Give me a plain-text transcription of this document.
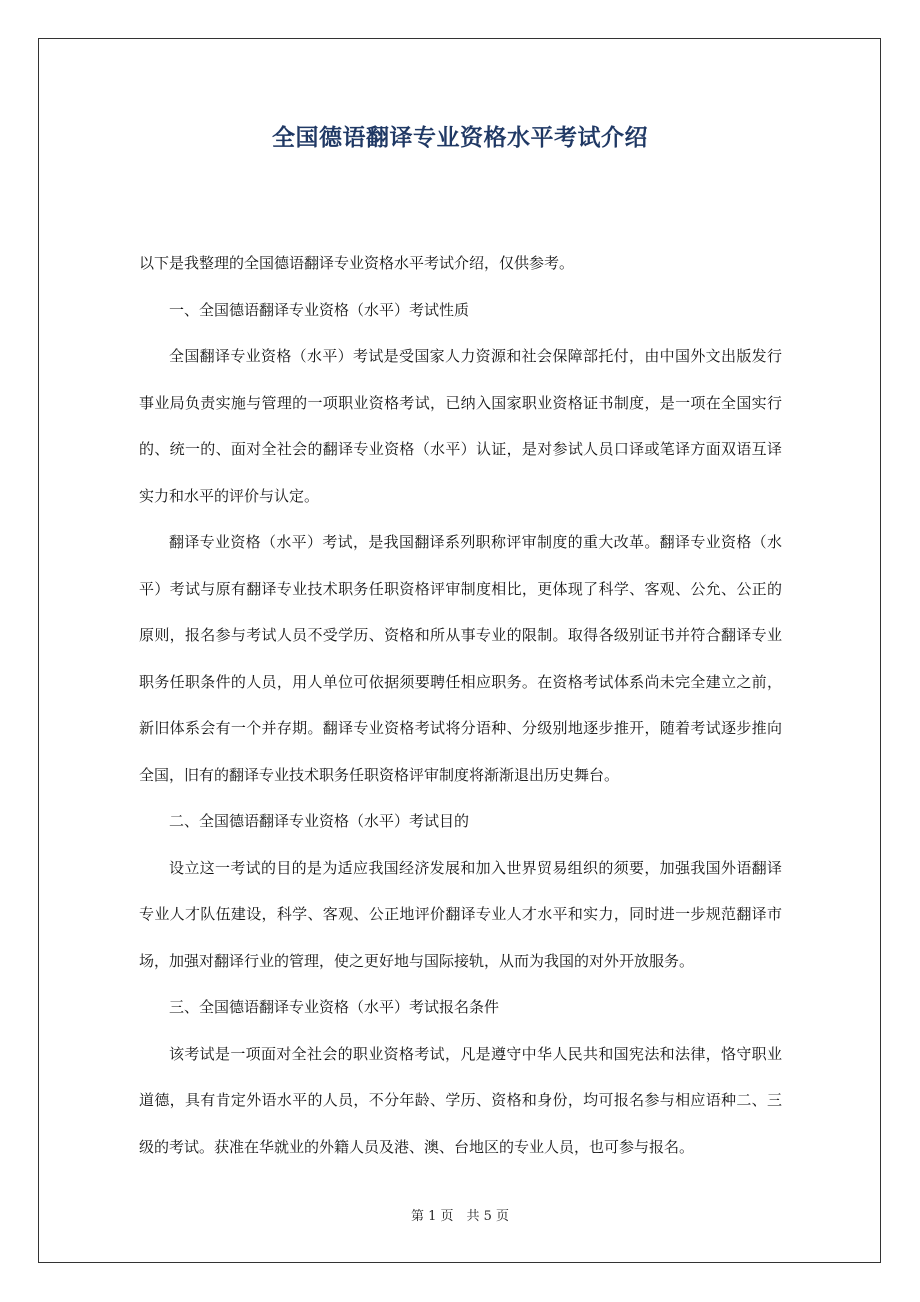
全国德语翻译专业资格水平考试介绍

以下是我整理的全国德语翻译专业资格水平考试介绍，仅供参考。

一、全国德语翻译专业资格（水平）考试性质

全国翻译专业资格（水平）考试是受国家人力资源和社会保障部托付，由中国外文出版发行事业局负责实施与管理的一项职业资格考试，已纳入国家职业资格证书制度，是一项在全国实行的、统一的、面对全社会的翻译专业资格（水平）认证，是对参试人员口译或笔译方面双语互译实力和水平的评价与认定。

翻译专业资格（水平）考试，是我国翻译系列职称评审制度的重大改革。翻译专业资格（水平）考试与原有翻译专业技术职务任职资格评审制度相比，更体现了科学、客观、公允、公正的原则，报名参与考试人员不受学历、资格和所从事专业的限制。取得各级别证书并符合翻译专业职务任职条件的人员，用人单位可依据须要聘任相应职务。在资格考试体系尚未完全建立之前，新旧体系会有一个并存期。翻译专业资格考试将分语种、分级别地逐步推开，随着考试逐步推向全国，旧有的翻译专业技术职务任职资格评审制度将渐渐退出历史舞台。

二、全国德语翻译专业资格（水平）考试目的

设立这一考试的目的是为适应我国经济发展和加入世界贸易组织的须要，加强我国外语翻译专业人才队伍建设，科学、客观、公正地评价翻译专业人才水平和实力，同时进一步规范翻译市场，加强对翻译行业的管理，使之更好地与国际接轨，从而为我国的对外开放服务。

三、全国德语翻译专业资格（水平）考试报名条件

该考试是一项面对全社会的职业资格考试，凡是遵守中华人民共和国宪法和法律，恪守职业道德，具有肯定外语水平的人员，不分年龄、学历、资格和身份，均可报名参与相应语种二、三级的考试。获准在华就业的外籍人员及港、澳、台地区的专业人员，也可参与报名。

第 1 页　共 5 页
